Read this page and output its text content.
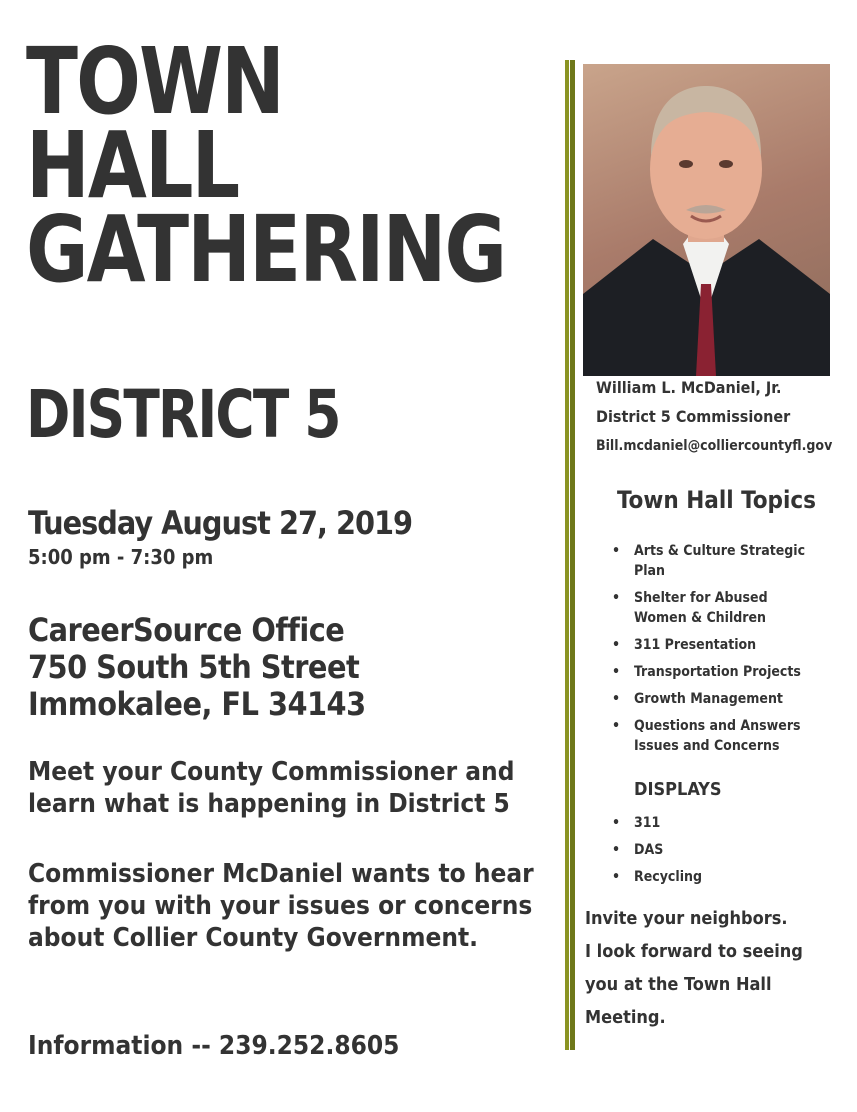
TOWN
HALL
GATHERING
DISTRICT 5

Tuesday August 27, 2019

5:00 pm - 7:30 pm

CareerSource Office
750 South 5th Street
Immokalee, FL 34143

Meet your County Commissioner and
learn what is happening in District 5

Commissioner McDaniel wants to hear
from you with your issues or concerns
about Collier County Government.

Information -- 239.252.8605

William L. McDaniel, Jr.

District 5 Commissioner

Bill.mcdaniel@colliercountyfl.gov

Town Hall Topics
• Arts & Culture Strategic Plan
• Shelter for Abused Women & Children
• 311 Presentation
• Transportation Projects
• Growth Management
• Questions and Answers Issues and Concerns
DISPLAYS
• 311
• DAS
• Recycling

Invite your neighbors.
I look forward to seeing
you at the Town Hall
Meeting.
